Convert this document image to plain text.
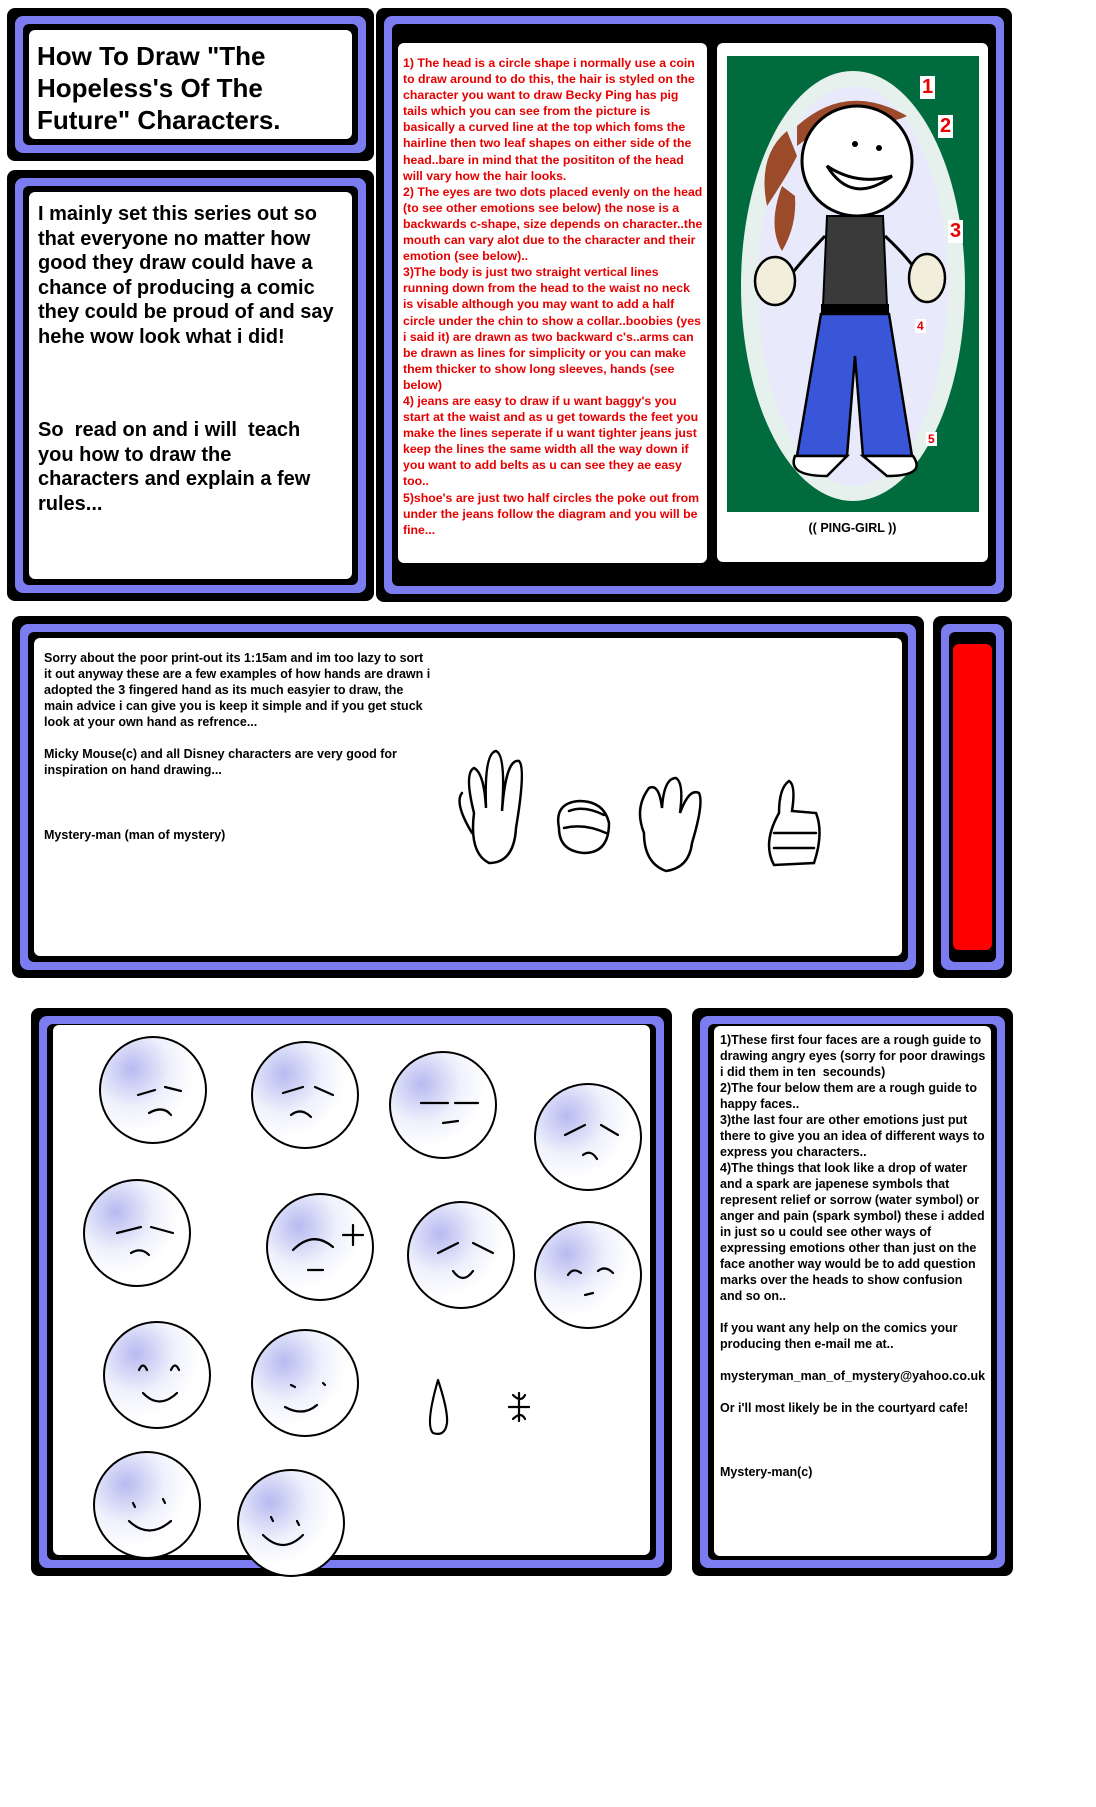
How To Draw "The Hopeless's Of The Future" Characters.
I mainly set this series out so that everyone no matter how good they draw could have a chance of producing a comic they could be proud of and say hehe wow look what i did!
So  read on and i will  teach you how to draw the characters and explain a few rules...
1) The head is a circle shape i normally use a coin to draw around to do this, the hair is styled on the character you want to draw Becky Ping has pig tails which you can see from the picture is basically a curved line at the top which foms the hairline then two leaf shapes on either side of the head..bare in mind that the posititon of the head will vary how the hair looks.
2) The eyes are two dots placed evenly on the head (to see other emotions see below) the nose is a backwards c-shape, size depends on character..the mouth can vary alot due to the character and their emotion (see below)..
3)The body is just two straight vertical lines running down from the head to the waist no neck is visable although you may want to add a half circle under the chin to show a collar..boobies (yes i said it) are drawn as two backward c's..arms can be drawn as lines for simplicity or you can make them thicker to show long sleeves, hands (see below)
4) jeans are easy to draw if u want baggy's you  start at the waist and as u get towards the feet you make the lines seperate if u want tighter jeans just keep the lines the same width all the way down if you want to add belts as u can see they ae easy too..
5)shoe's are just two half circles the poke out from under the jeans follow the diagram and you will be fine...
1
2
3
4
5
(( PING-GIRL ))
Sorry about the poor print-out its 1:15am and im too lazy to sort it out anyway these are a few examples of how hands are drawn i adopted the 3 fingered hand as its much easyier to draw, the main advice i can give you is keep it simple and if you get stuck look at your own hand as refrence...
Micky Mouse(c) and all Disney characters are very good for inspiration on hand drawing...
Mystery-man (man of mystery)
1)These first four faces are a rough guide to drawing angry eyes (sorry for poor drawings  i did them in ten  secounds)
2)The four below them are a rough guide to happy faces..
3)the last four are other emotions just put there to give you an idea of different ways to express you characters..
4)The things that look like a drop of water and a spark are japenese symbols that represent relief or sorrow (water symbol) or anger and pain (spark symbol) these i added in just so u could see other ways of expressing emotions other than just on the face another way would be to add question marks over the heads to show confusion and so on..

If you want any help on the comics your producing then e-mail me at..

mysteryman_man_of_mystery@yahoo.co.uk

Or i'll most likely be in the courtyard cafe!

Mystery-man(c)
